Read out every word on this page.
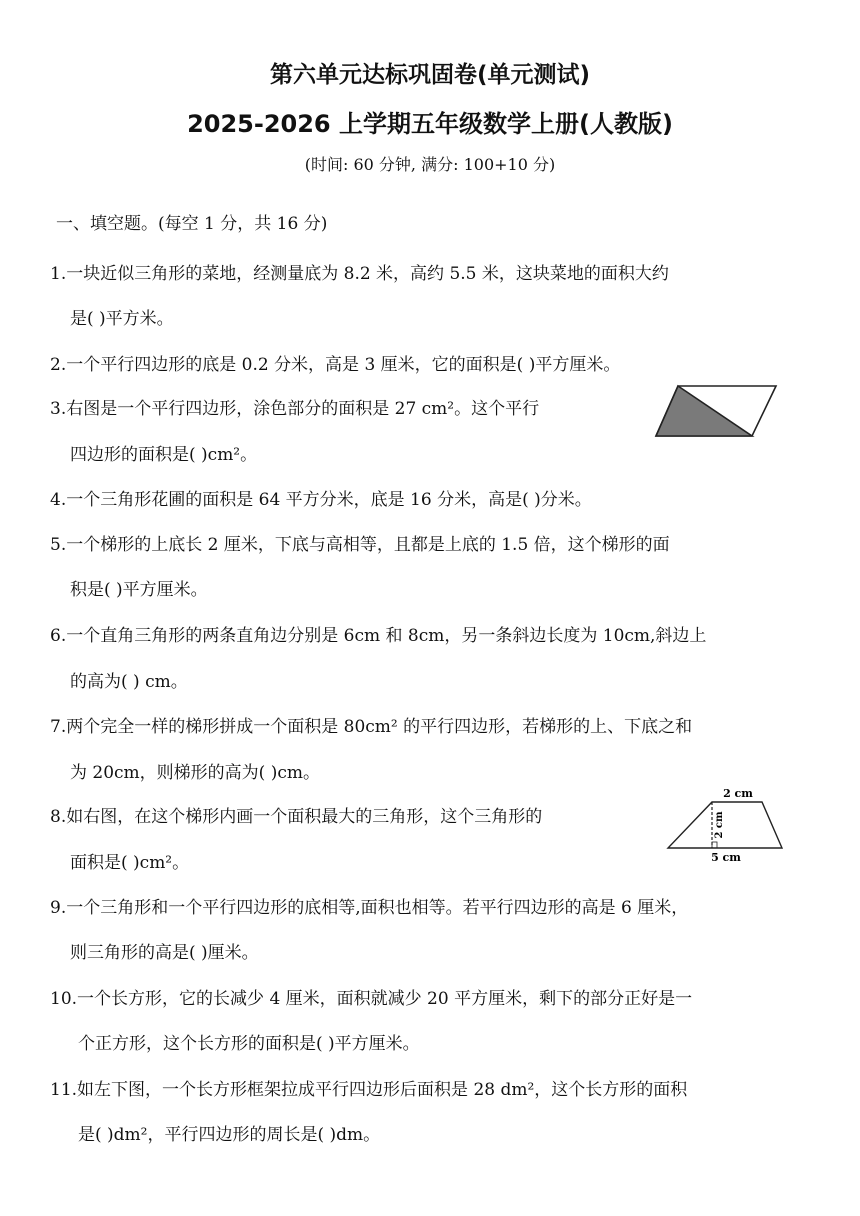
第六单元达标巩固卷(单元测试)
2025-2026 上学期五年级数学上册(人教版)
(时间: 60 分钟, 满分: 100+10 分)
一、填空题。(每空 1 分，共 16 分)
1.一块近似三角形的菜地，经测量底为 8.2 米，高约 5.5 米，这块菜地的面积大约
是( )平方米。
2.一个平行四边形的底是 0.2 分米，高是 3 厘米，它的面积是( )平方厘米。
3.右图是一个平行四边形，涂色部分的面积是 27 cm²。这个平行
四边形的面积是( )cm²。
4.一个三角形花圃的面积是 64 平方分米，底是 16 分米，高是( )分米。
5.一个梯形的上底长 2 厘米，下底与高相等，且都是上底的 1.5 倍，这个梯形的面
积是( )平方厘米。
6.一个直角三角形的两条直角边分别是 6cm 和 8cm，另一条斜边长度为 10cm,斜边上
的高为( ) cm。
7.两个完全一样的梯形拼成一个面积是 80cm² 的平行四边形，若梯形的上、下底之和
为 20cm，则梯形的高为( )cm。
8.如右图，在这个梯形内画一个面积最大的三角形，这个三角形的
面积是( )cm²。
2 cm
2 cm
5 cm
9.一个三角形和一个平行四边形的底相等,面积也相等。若平行四边形的高是 6 厘米，
则三角形的高是( )厘米。
10.一个长方形，它的长减少 4 厘米，面积就减少 20 平方厘米，剩下的部分正好是一
个正方形，这个长方形的面积是( )平方厘米。
11.如左下图，一个长方形框架拉成平行四边形后面积是 28 dm²，这个长方形的面积
是( )dm²，平行四边形的周长是( )dm。
